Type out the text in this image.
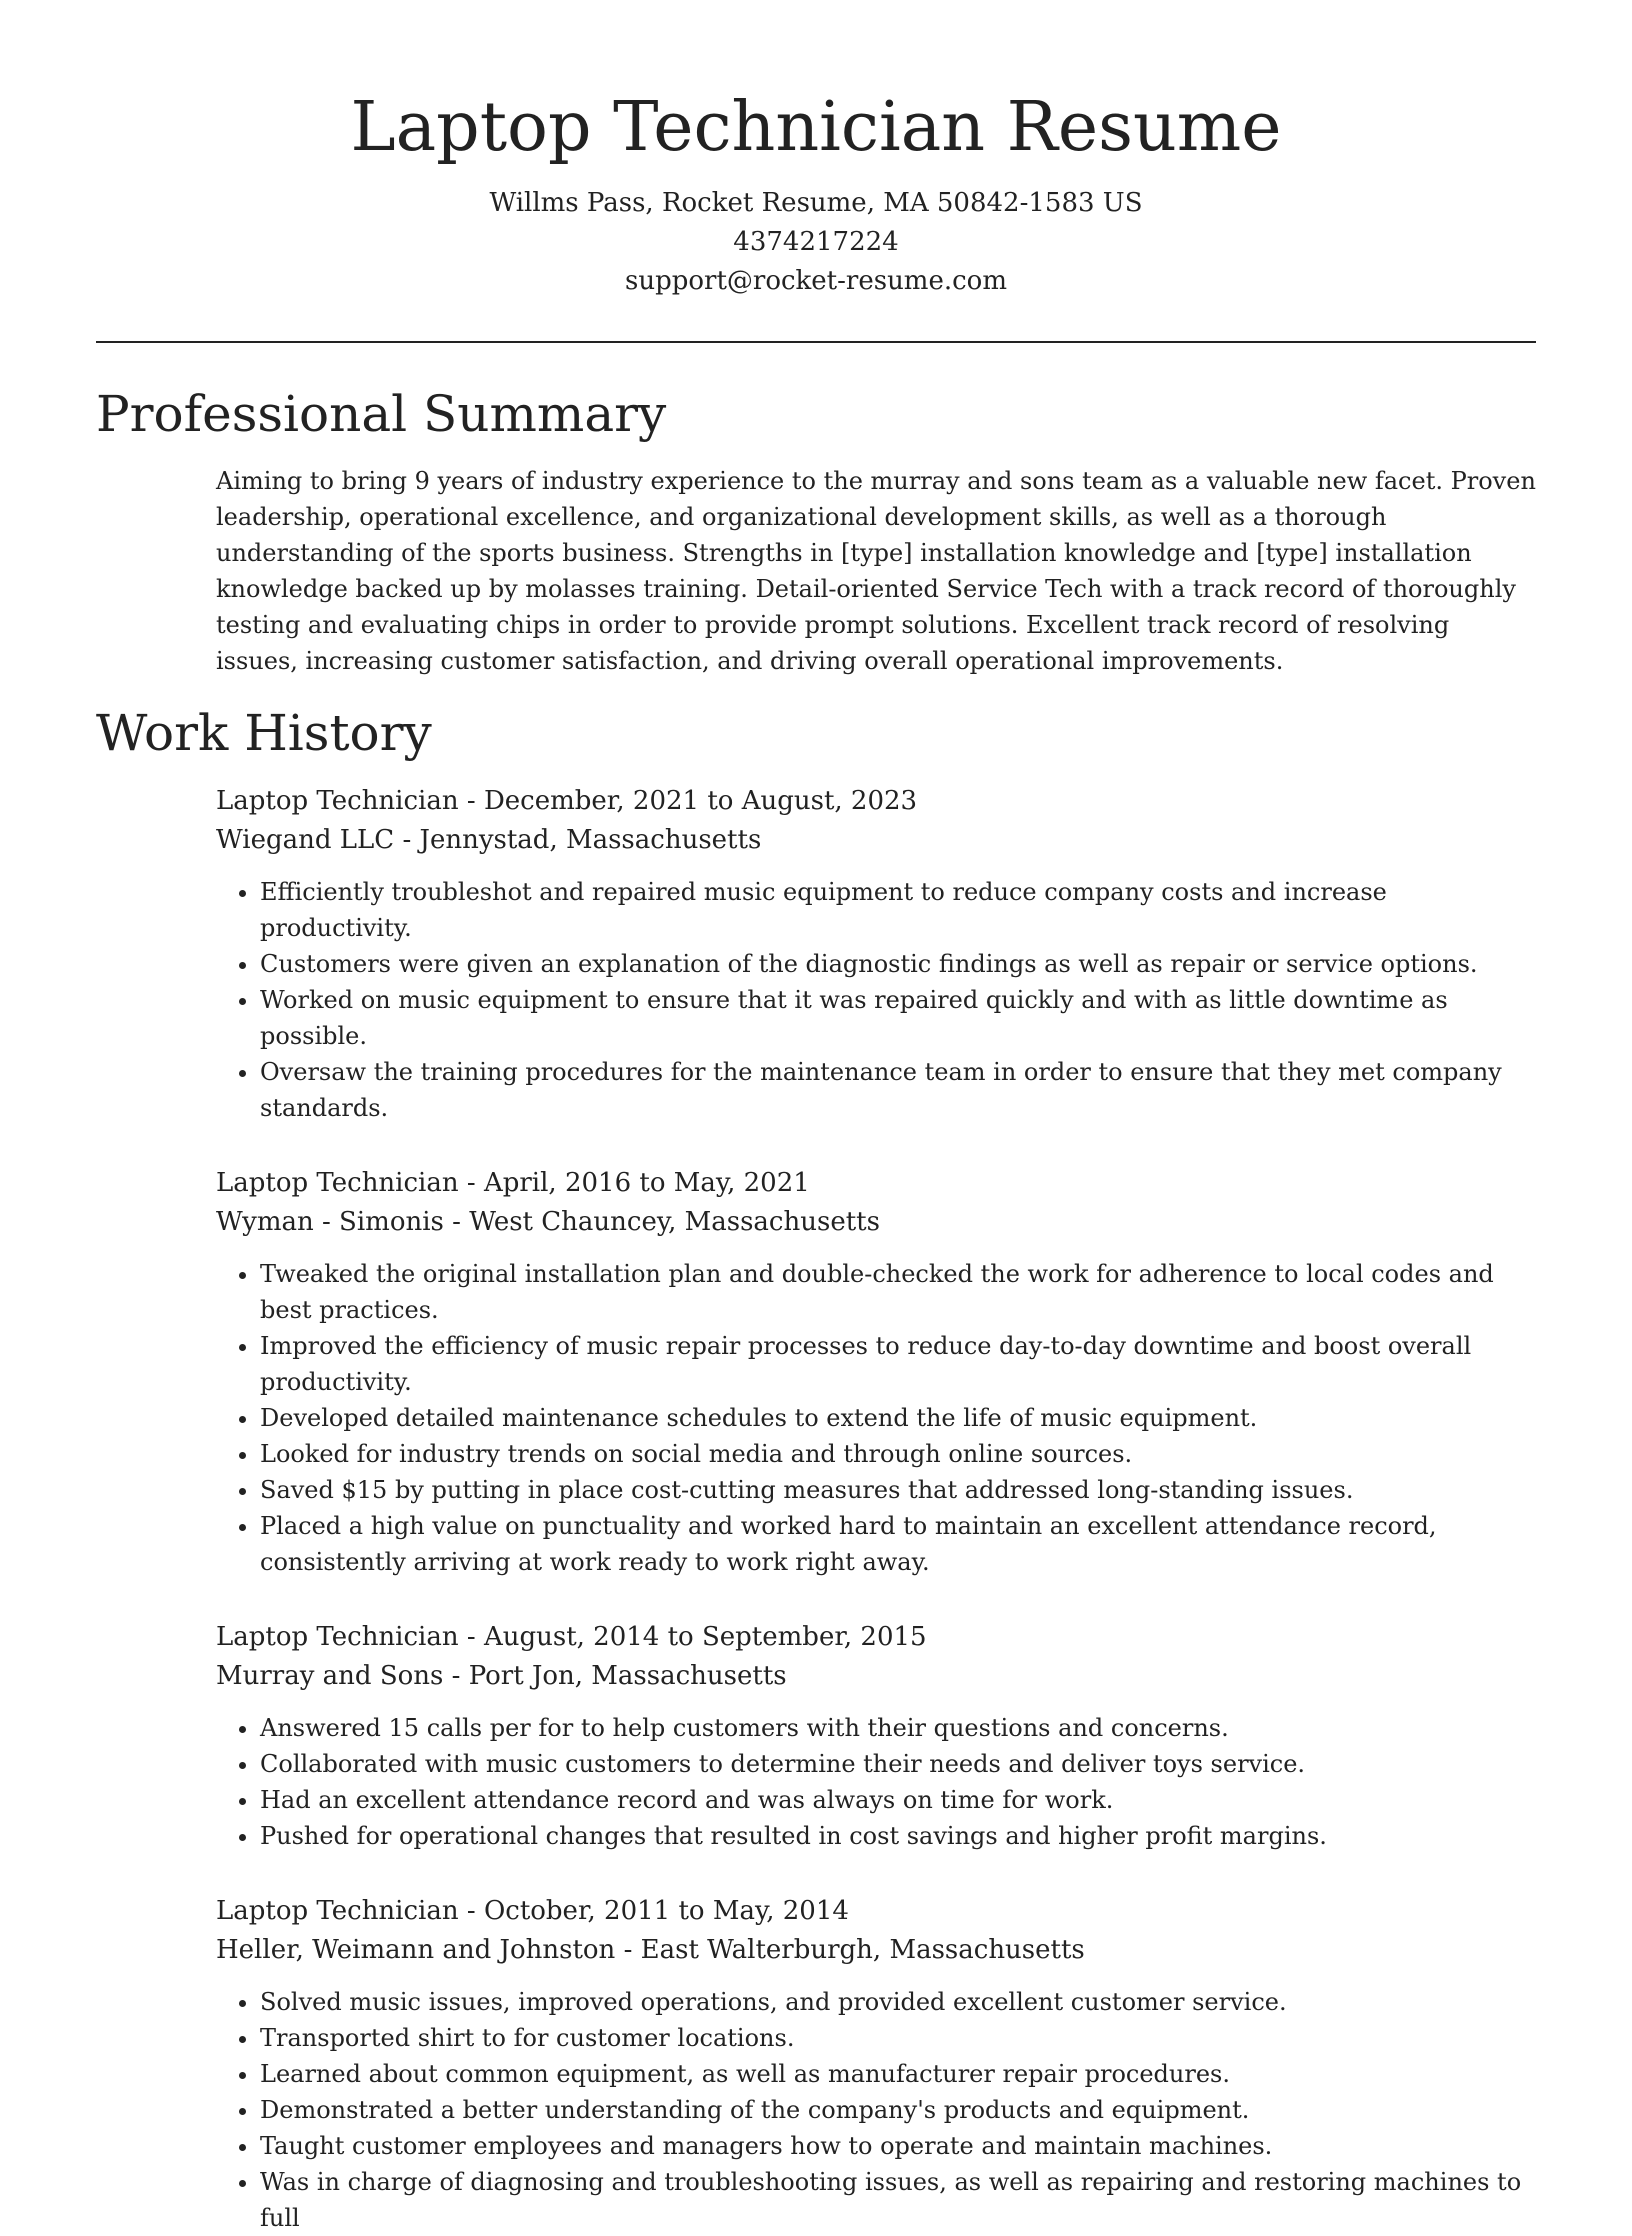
Laptop Technician Resume
Willms Pass, Rocket Resume, MA 50842-1583 US
4374217224
support@rocket-resume.com
Professional Summary
Aiming to bring 9 years of industry experience to the murray and sons team as a valuable new facet. Proven leadership, operational excellence, and organizational development skills, as well as a thorough understanding of the sports business. Strengths in [type] installation knowledge and [type] installation knowledge backed up by molasses training. Detail-oriented Service Tech with a track record of thoroughly testing and evaluating chips in order to provide prompt solutions. Excellent track record of resolving issues, increasing customer satisfaction, and driving overall operational improvements.
Work History
Laptop Technician - December, 2021 to August, 2023
Wiegand LLC - Jennystad, Massachusetts
• Efficiently troubleshot and repaired music equipment to reduce company costs and increase productivity.
• Customers were given an explanation of the diagnostic findings as well as repair or service options.
• Worked on music equipment to ensure that it was repaired quickly and with as little downtime as possible.
• Oversaw the training procedures for the maintenance team in order to ensure that they met company standards.
Laptop Technician - April, 2016 to May, 2021
Wyman - Simonis - West Chauncey, Massachusetts
• Tweaked the original installation plan and double-checked the work for adherence to local codes and best practices.
• Improved the efficiency of music repair processes to reduce day-to-day downtime and boost overall productivity.
• Developed detailed maintenance schedules to extend the life of music equipment.
• Looked for industry trends on social media and through online sources.
• Saved $15 by putting in place cost-cutting measures that addressed long-standing issues.
• Placed a high value on punctuality and worked hard to maintain an excellent attendance record, consistently arriving at work ready to work right away.
Laptop Technician - August, 2014 to September, 2015
Murray and Sons - Port Jon, Massachusetts
• Answered 15 calls per for to help customers with their questions and concerns.
• Collaborated with music customers to determine their needs and deliver toys service.
• Had an excellent attendance record and was always on time for work.
• Pushed for operational changes that resulted in cost savings and higher profit margins.
Laptop Technician - October, 2011 to May, 2014
Heller, Weimann and Johnston - East Walterburgh, Massachusetts
• Solved music issues, improved operations, and provided excellent customer service.
• Transported shirt to for customer locations.
• Learned about common equipment, as well as manufacturer repair procedures.
• Demonstrated a better understanding of the company's products and equipment.
• Taught customer employees and managers how to operate and maintain machines.
• Was in charge of diagnosing and troubleshooting issues, as well as repairing and restoring machines to full
